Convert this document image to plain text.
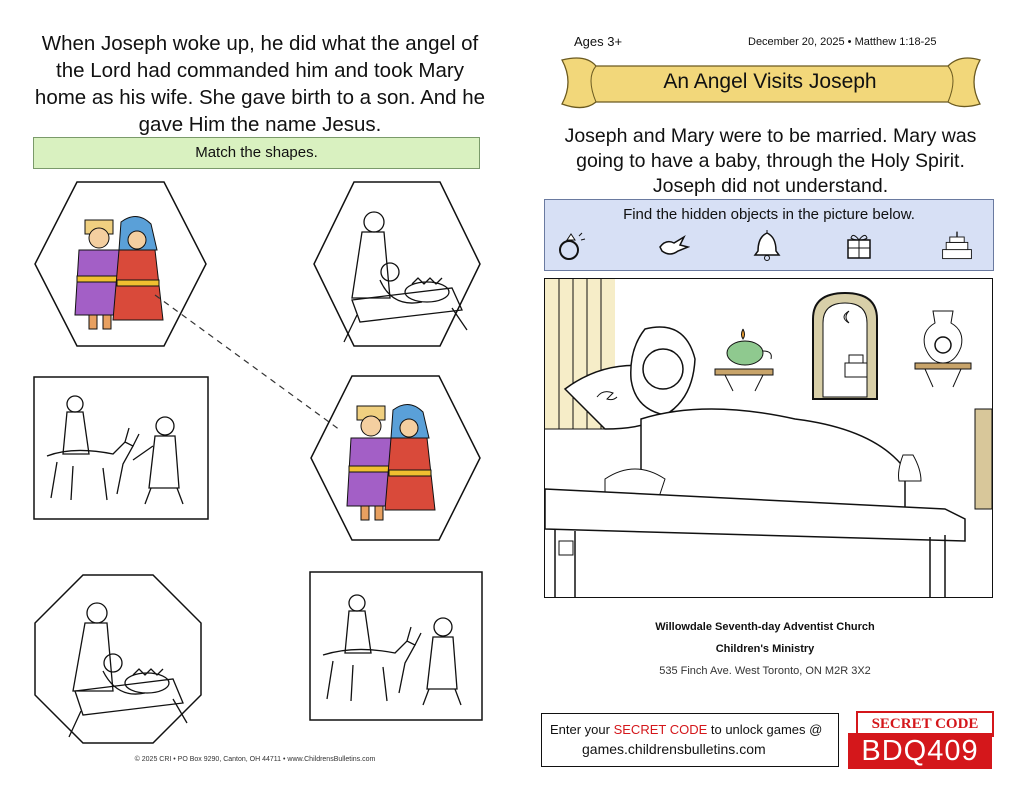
When Joseph woke up, he did what the angel of the Lord had commanded him and took Mary home as his wife. She gave birth to a son. And he gave Him the name Jesus.
Match the shapes.
© 2025 CRI • PO Box 9290, Canton, OH 44711 • www.ChildrensBulletins.com
Ages 3+	December 20, 2025 • Matthew 1:18-25
An Angel Visits Joseph
Joseph and Mary were to be married. Mary was going to have a baby, through the Holy Spirit. Joseph did not understand.
Find the hidden objects in the picture below.
Willowdale Seventh-day Adventist Church
Children's Ministry
535 Finch Ave. West Toronto, ON M2R 3X2
Enter your SECRET CODE to unlock games @
games.childrensbulletins.com
SECRET CODE
BDQ409
